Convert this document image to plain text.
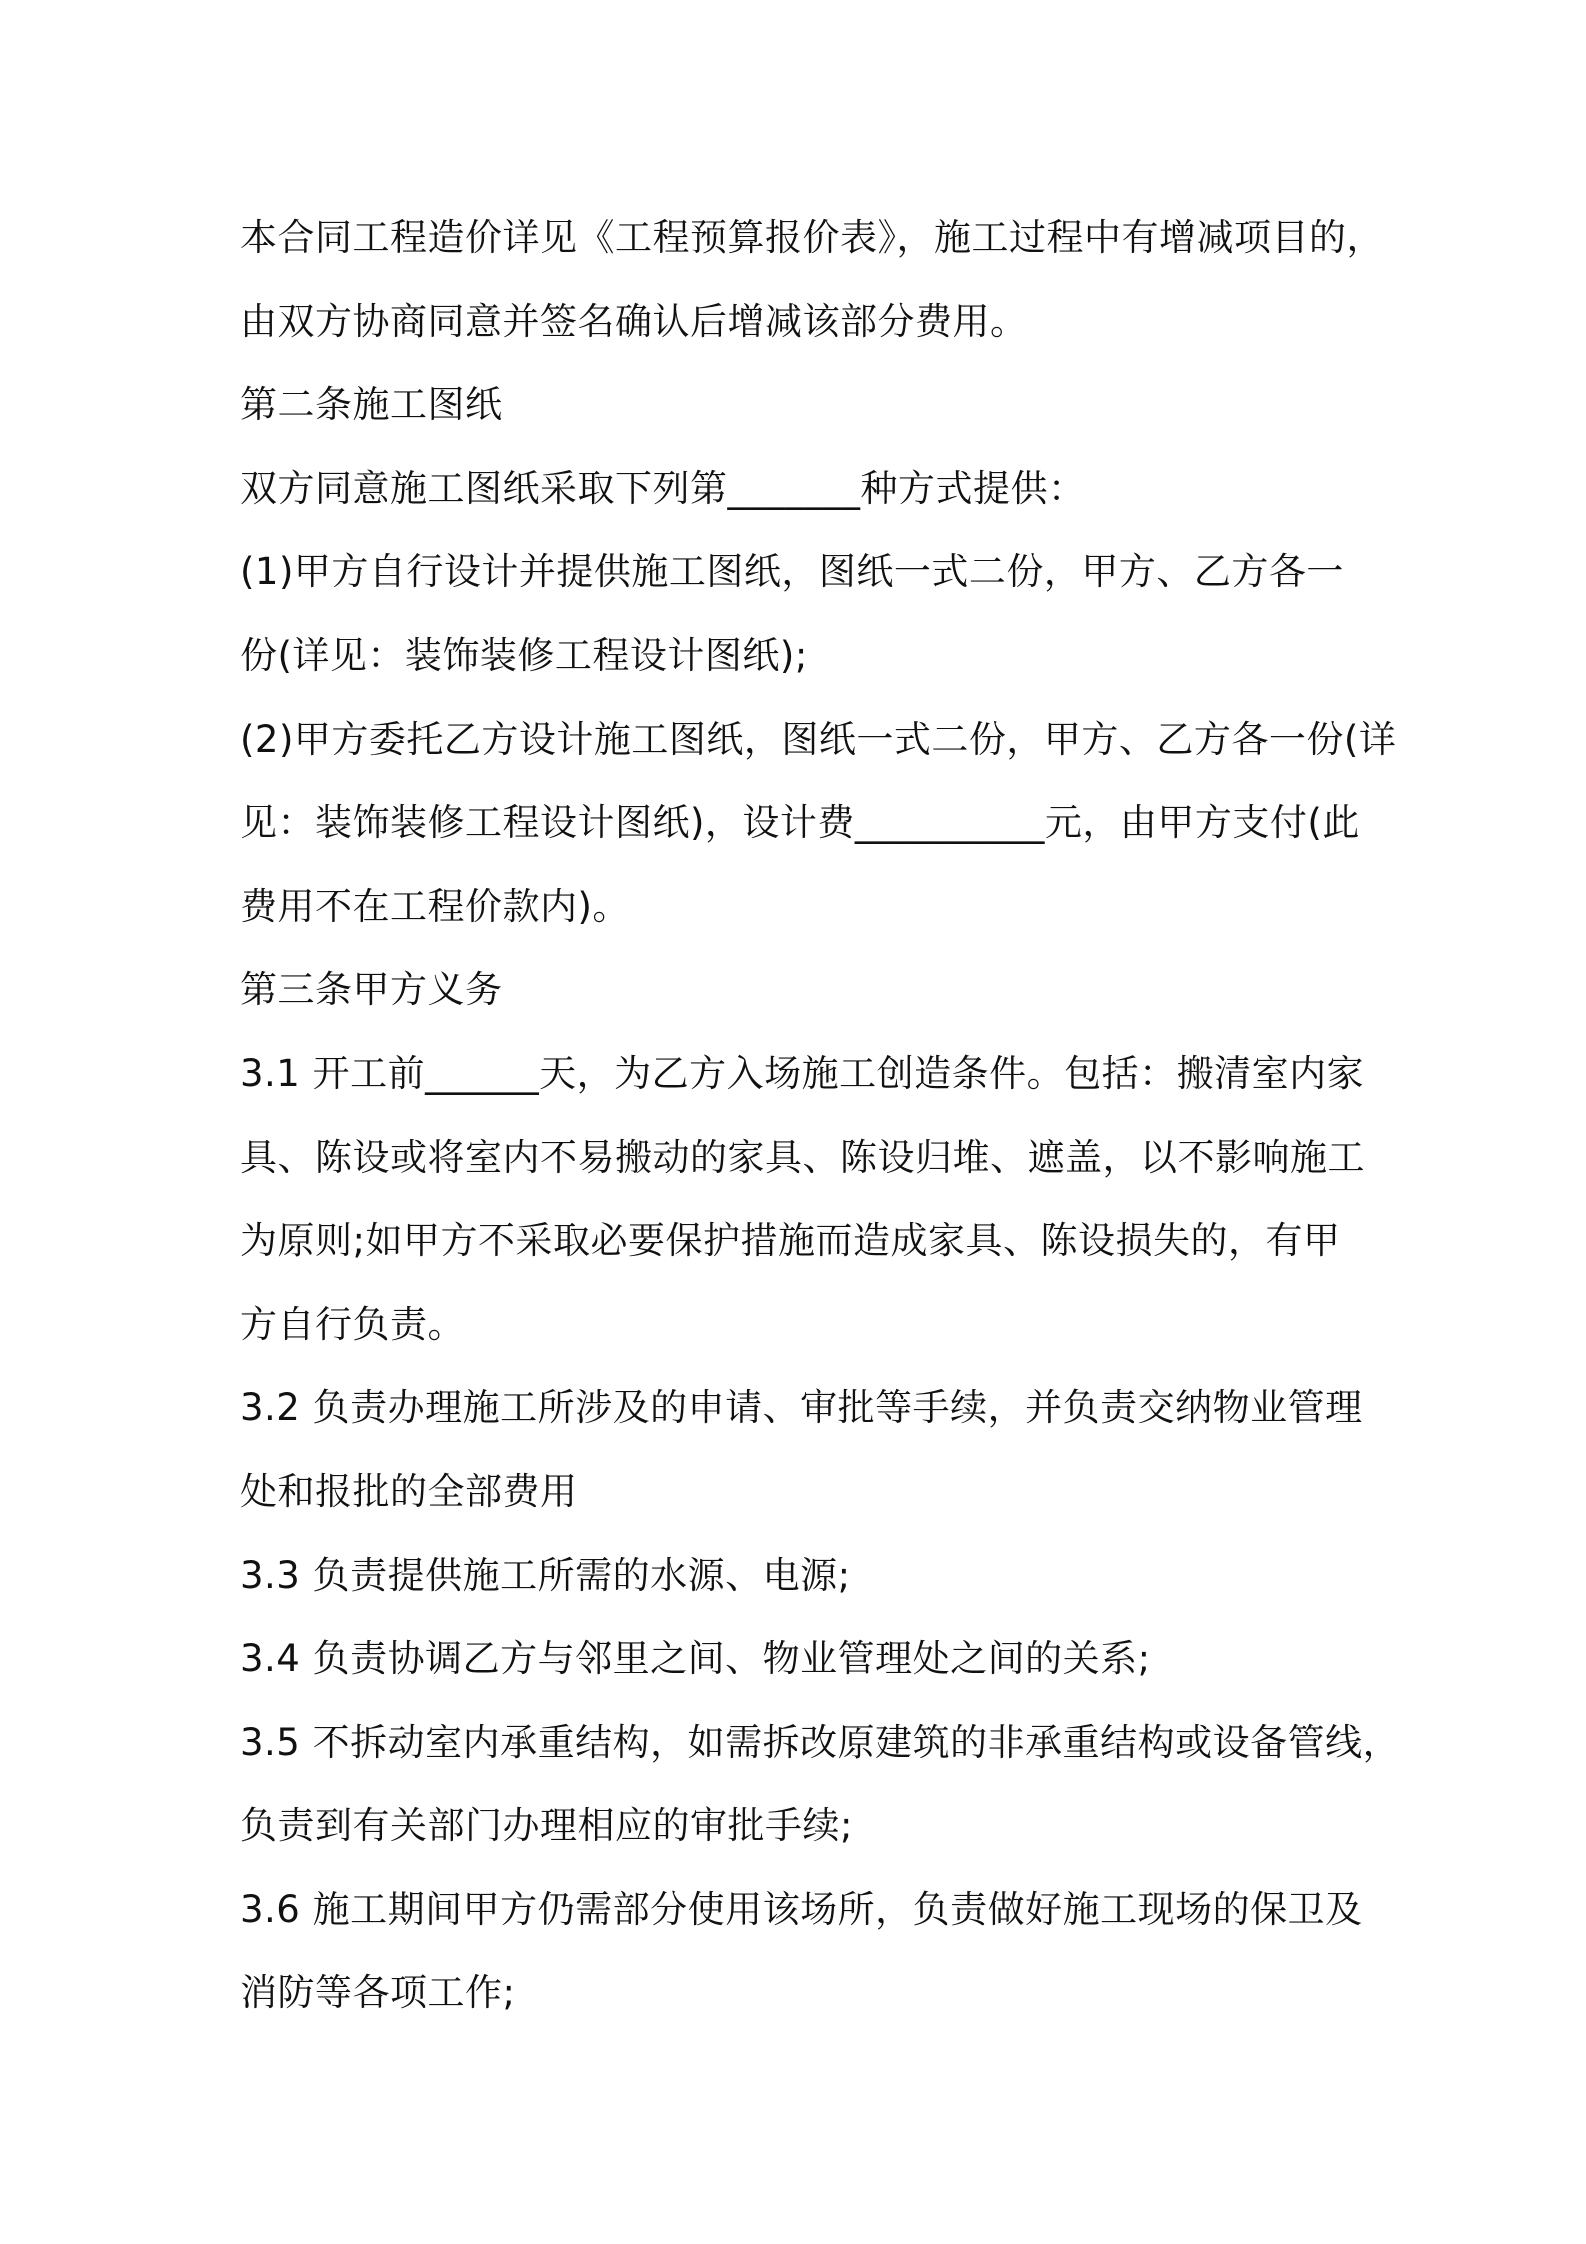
本合同工程造价详见《工程预算报价表》，施工过程中有增减项目的，
由双方协商同意并签名确认后增减该部分费用。

第二条施工图纸

双方同意施工图纸采取下列第_______种方式提供：

(1)甲方自行设计并提供施工图纸，图纸一式二份，甲方、乙方各一
份(详见：装饰装修工程设计图纸);

(2)甲方委托乙方设计施工图纸，图纸一式二份，甲方、乙方各一份(详
见：装饰装修工程设计图纸)，设计费__________元，由甲方支付(此
费用不在工程价款内)。

第三条甲方义务

3.1 开工前______天，为乙方入场施工创造条件。包括：搬清室内家
具、陈设或将室内不易搬动的家具、陈设归堆、遮盖，以不影响施工
为原则;如甲方不采取必要保护措施而造成家具、陈设损失的，有甲
方自行负责。

3.2 负责办理施工所涉及的申请、审批等手续，并负责交纳物业管理
处和报批的全部费用

3.3 负责提供施工所需的水源、电源;

3.4 负责协调乙方与邻里之间、物业管理处之间的关系;

3.5 不拆动室内承重结构，如需拆改原建筑的非承重结构或设备管线，
负责到有关部门办理相应的审批手续;

3.6 施工期间甲方仍需部分使用该场所，负责做好施工现场的保卫及
消防等各项工作;
